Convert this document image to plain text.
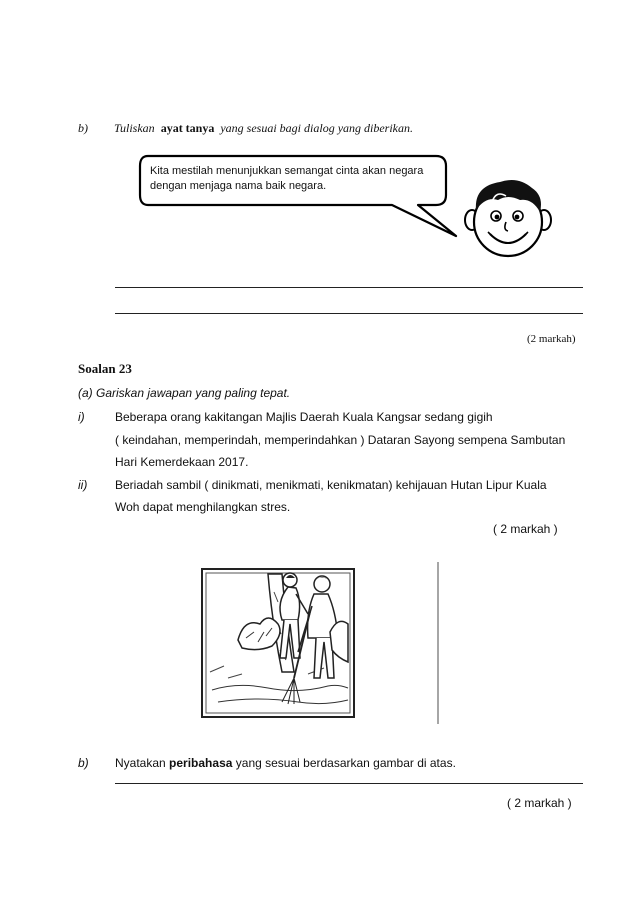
b) Tuliskan ayat tanya yang sesuai bagi dialog yang diberikan.
Kita mestilah menunjukkan semangat cinta akan negara
dengan menjaga nama baik negara.
(2 markah)
Soalan 23
(a) Gariskan jawapan yang paling tepat.
i)	Beberapa orang kakitangan Majlis Daerah Kuala Kangsar sedang gigih
( keindahan, memperindah, memperindahkan ) Dataran Sayong sempena Sambutan
Hari Kemerdekaan 2017.
ii) Beriadah sambil ( dinikmati, menikmati, kenikmatan) kehijauan Hutan Lipur Kuala
Woh dapat menghilangkan stres.
( 2 markah )
b) Nyatakan peribahasa yang sesuai berdasarkan gambar di atas.
( 2 markah )
